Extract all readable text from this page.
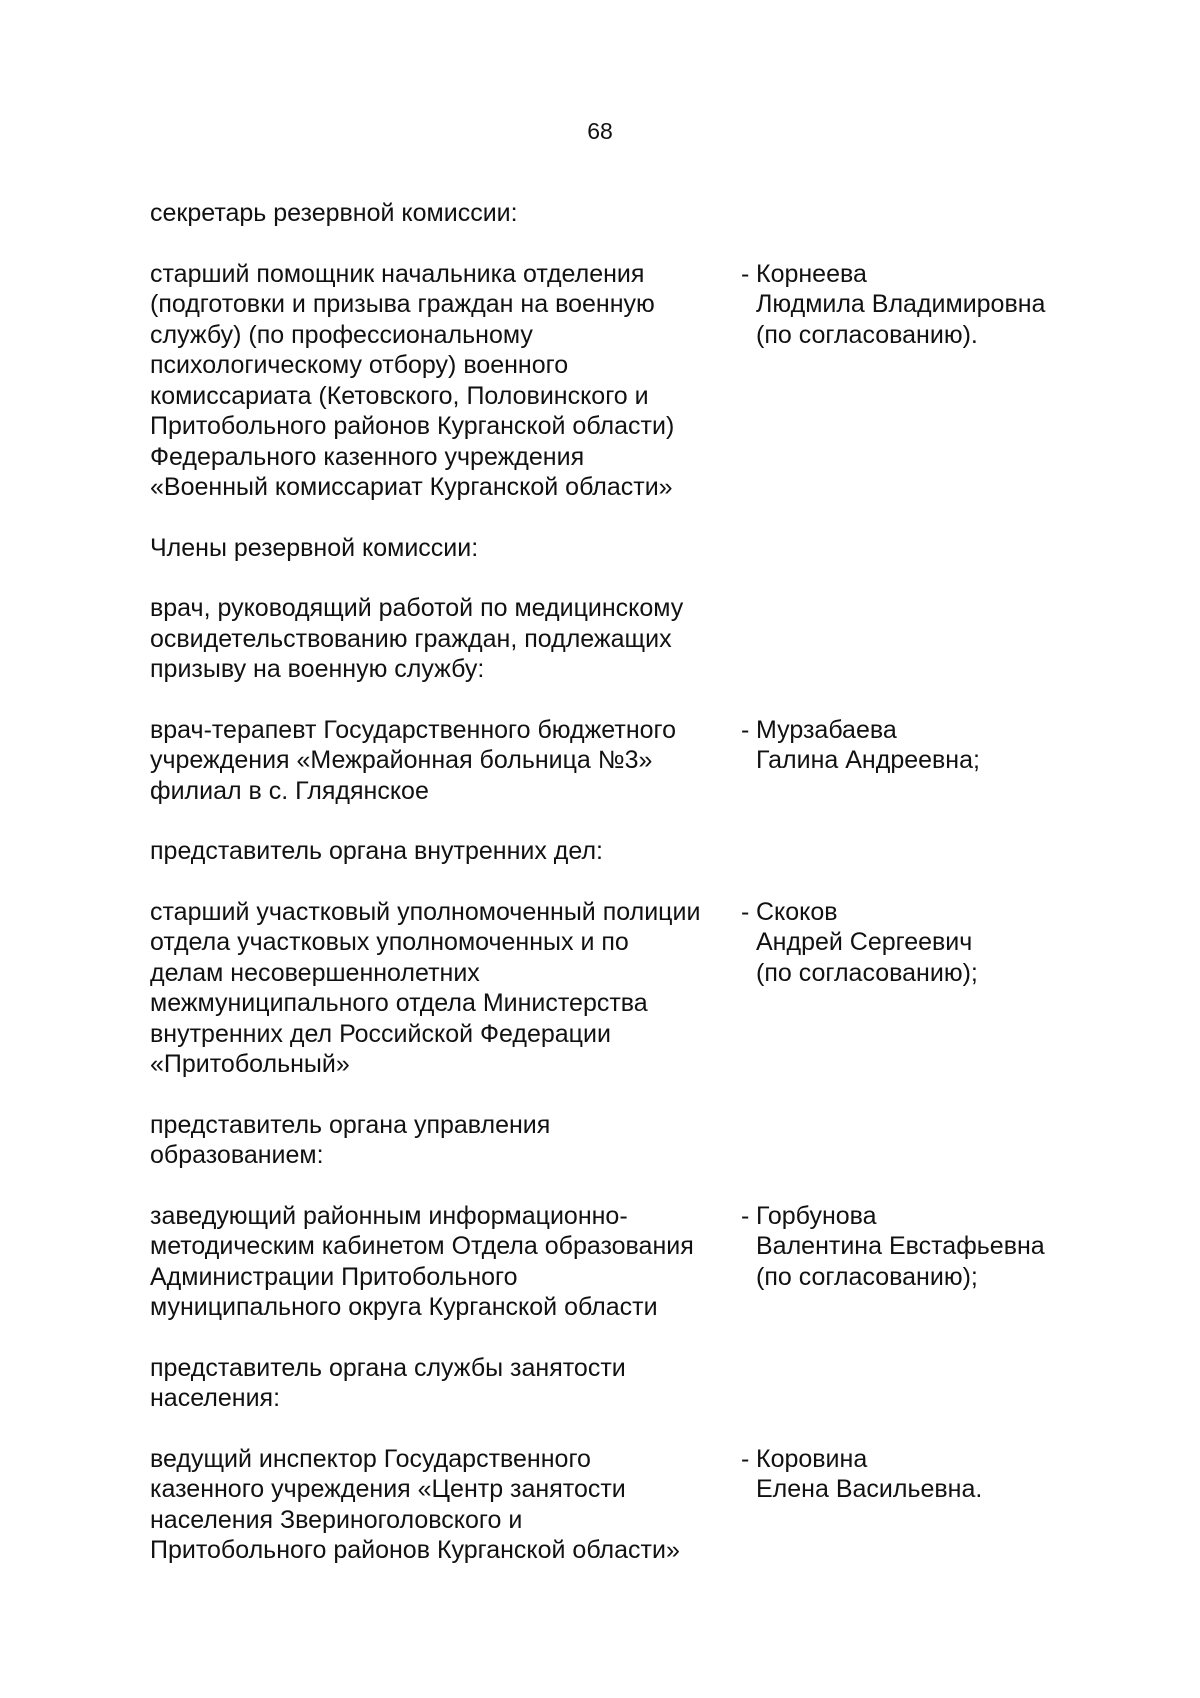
68

секретарь резервной комиссии:

старший помощник начальника отделения
(подготовки и призыва граждан на военную
службу) (по профессиональному
психологическому отбору) военного
комиссариата (Кетовского, Половинского и
Притобольного районов Курганской области)
Федерального казенного учреждения
«Военный комиссариат Курганской области»
- Корнеева
Людмила Владимировна
(по согласованию).

Члены резервной комиссии:

врач, руководящий работой по медицинскому
освидетельствованию граждан, подлежащих
призыву на военную службу:
врач-терапевт Государственного бюджетного
учреждения «Межрайонная больница №3»
филиал в с. Глядянское
- Мурзабаева
Галина Андреевна;

представитель органа внутренних дел:

старший участковый уполномоченный полиции
отдела участковых уполномоченных и по
делам несовершеннолетних
межмуниципального отдела Министерства
внутренних дел Российской Федерации
«Притобольный»
- Скоков
Андрей Сергеевич
(по согласованию);
представитель органа управления
образованием:
заведующий районным информационно-
методическим кабинетом Отдела образования
Администрации Притобольного
муниципального округа Курганской области
- Горбунова
Валентина Евстафьевна
(по согласованию);
представитель органа службы занятости
населения:
ведущий инспектор Государственного
казенного учреждения «Центр занятости
населения Звериноголовского и
Притобольного районов Курганской области»
- Коровина
Елена Васильевна.
